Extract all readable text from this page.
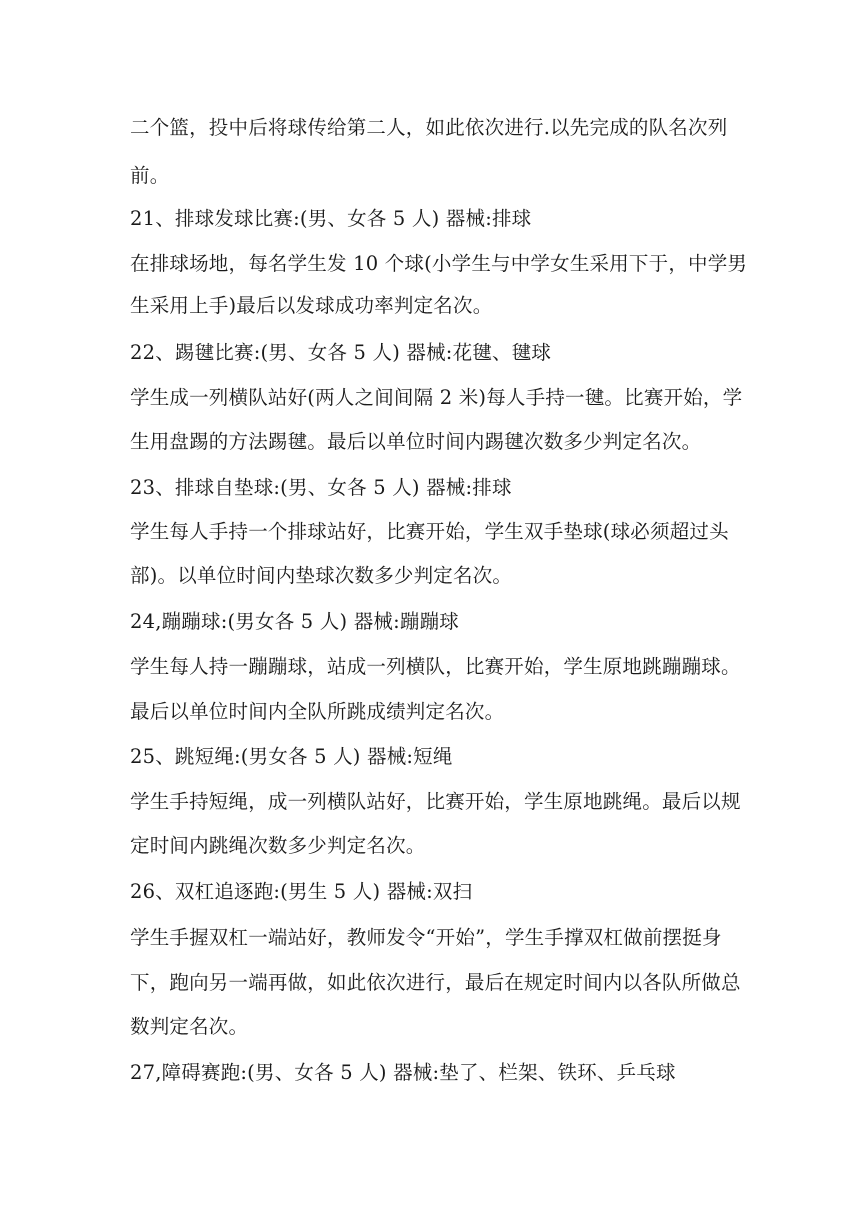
二个篮，投中后将球传给第二人，如此依次进行.以先完成的队名次列
前。
21、排球发球比赛:(男、女各 5 人) 器械:排球
在排球场地，每名学生发 10 个球(小学生与中学女生采用下于，中学男
生采用上手)最后以发球成功率判定名次。
22、踢毽比赛:(男、女各 5 人) 器械:花毽、毽球
学生成一列横队站好(两人之间间隔 2 米)每人手持一毽。比赛开始，学
生用盘踢的方法踢毽。最后以单位时间内踢毽次数多少判定名次。
23、排球自垫球:(男、女各 5 人) 器械:排球
学生每人手持一个排球站好，比赛开始，学生双手垫球(球必须超过头
部)。以单位时间内垫球次数多少判定名次。
24,蹦蹦球:(男女各 5 人) 器械:蹦蹦球
学生每人持一蹦蹦球，站成一列横队，比赛开始，学生原地跳蹦蹦球。
最后以单位时间内全队所跳成绩判定名次。
25、跳短绳:(男女各 5 人) 器械:短绳
学生手持短绳，成一列横队站好，比赛开始，学生原地跳绳。最后以规
定时间内跳绳次数多少判定名次。
26、双杠追逐跑:(男生 5 人) 器械:双扫
学生手握双杠一端站好，教师发令“开始”，学生手撑双杠做前摆挺身
下，跑向另一端再做，如此依次进行，最后在规定时间内以各队所做总
数判定名次。
27,障碍赛跑:(男、女各 5 人) 器械:垫了、栏架、铁环、乒乓球
